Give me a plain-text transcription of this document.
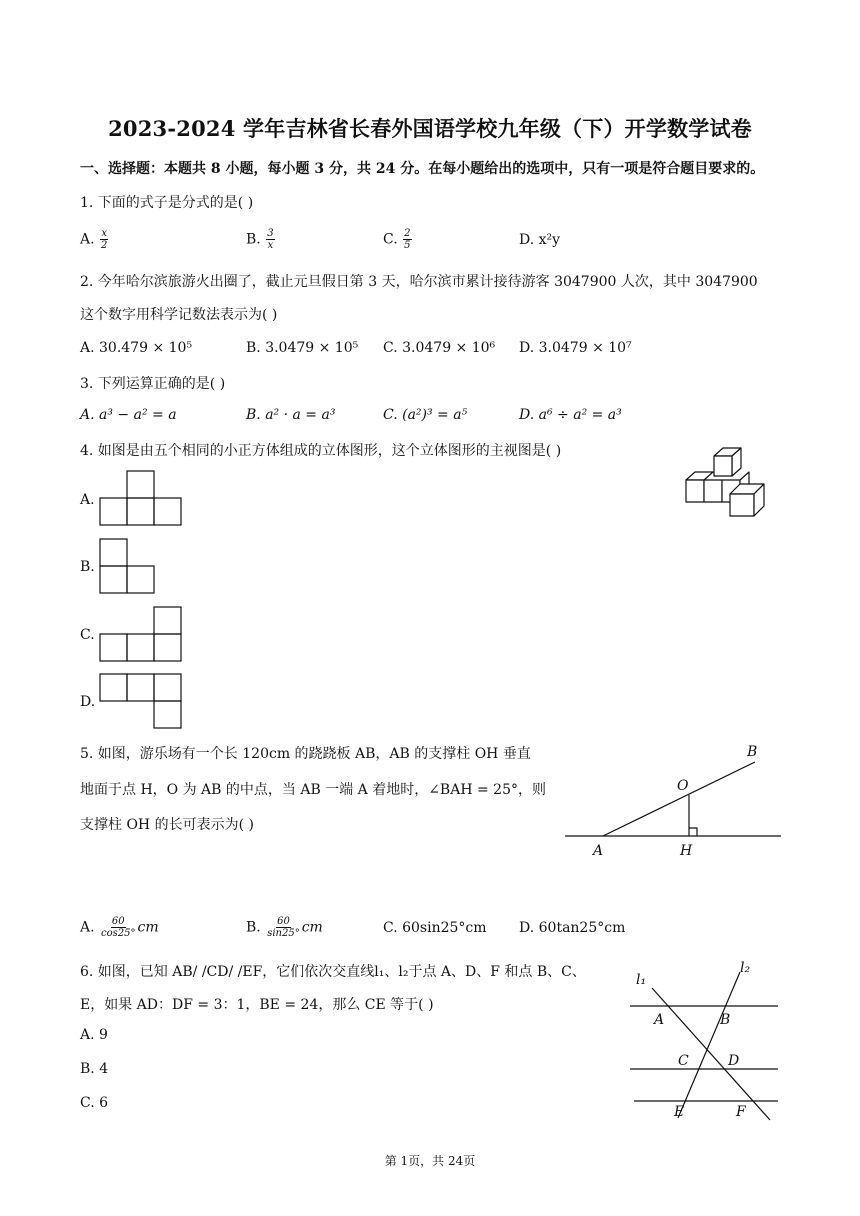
2023-2024 学年吉林省长春外国语学校九年级（下）开学数学试卷
一、选择题：本题共 8 小题，每小题 3 分，共 24 分。在每小题给出的选项中，只有一项是符合题目要求的。
1. 下面的式子是分式的是( )
A. $\frac{x}{2}$	B. $\frac{3}{x}$	C. $\frac{2}{5}$	D. x²y
2. 今年哈尔滨旅游火出圈了，截止元旦假日第 3 天，哈尔滨市累计接待游客 3047900 人次，其中 3047900
这个数字用科学记数法表示为( )
A. 30.479 × 10⁵	B. 3.0479 × 10⁵ C. 3.0479 × 10⁶ D. 3.0479 × 10⁷
3. 下列运算正确的是( )
A. a³ − a² = a	B. a² · a = a³	C. (a²)³ = a⁵	D. a⁶ ÷ a² = a³
4. 如图是由五个相同的小正方体组成的立体图形，这个立体图形的主视图是( )
A.
B.
C.
D.
5. 如图，游乐场有一个长 120cm 的跷跷板 AB，AB 的支撑柱 OH 垂直
地面于点 H，O 为 AB 的中点，当 AB 一端 A 着地时，∠BAH = 25°，则
支撑柱 OH 的长可表示为( )
B
O
A	H
A. $\frac{60}{\cos 25^\circ}$ cm	B. $\frac{60}{\sin 25^\circ}$ cm	C. 60sin25°cm D. 60tan25°cm
6. 如图，已知 AB/ /CD/ /EF，它们依次交直线l₁、l₂于点 A、D、F 和点 B、C、
E，如果 AD：DF = 3：1，BE = 24，那么 CE 等于( )
A. 9
B. 4
C. 6
l₁
l₂
A	B
C	D
E	F
第 1页，共 24页
